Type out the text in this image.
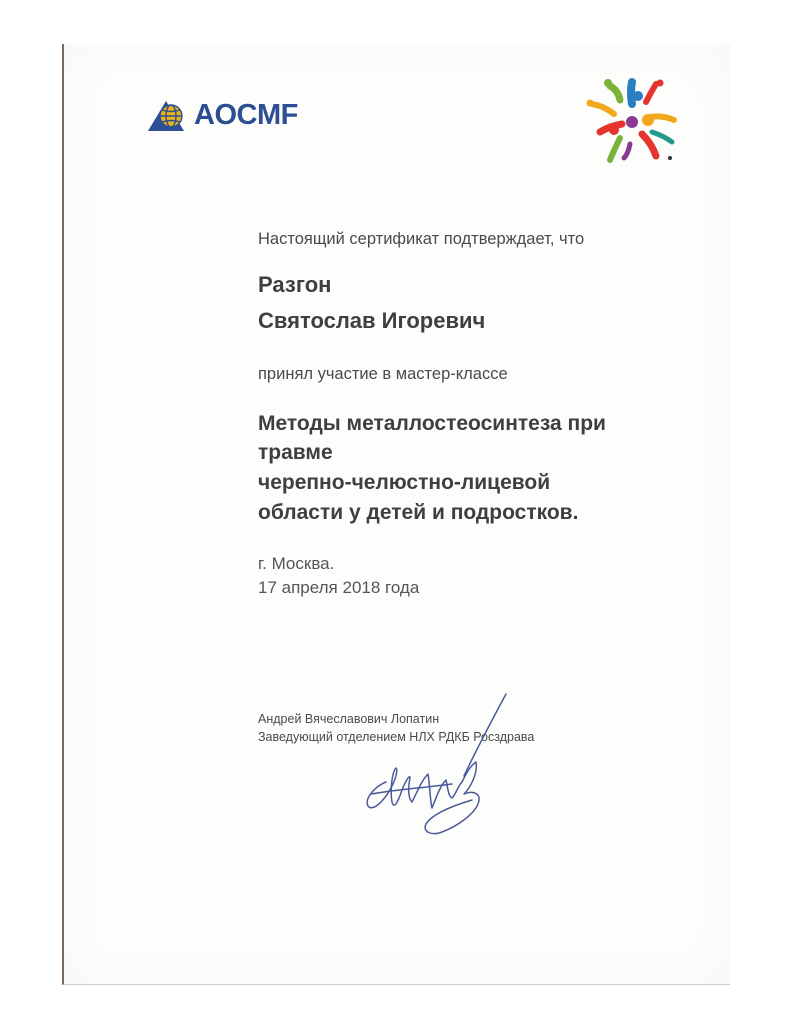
AOCMF
Настоящий сертификат подтверждает, что
Разгон
Святослав Игоревич
принял участие в мастер-классе
Методы металлостеосинтеза при
травме
черепно-челюстно-лицевой
области у детей и подростков.
г. Москва.
17 апреля 2018 года
Андрей Вячеславович Лопатин
Заведующий отделением НЛХ РДКБ Росздрава
